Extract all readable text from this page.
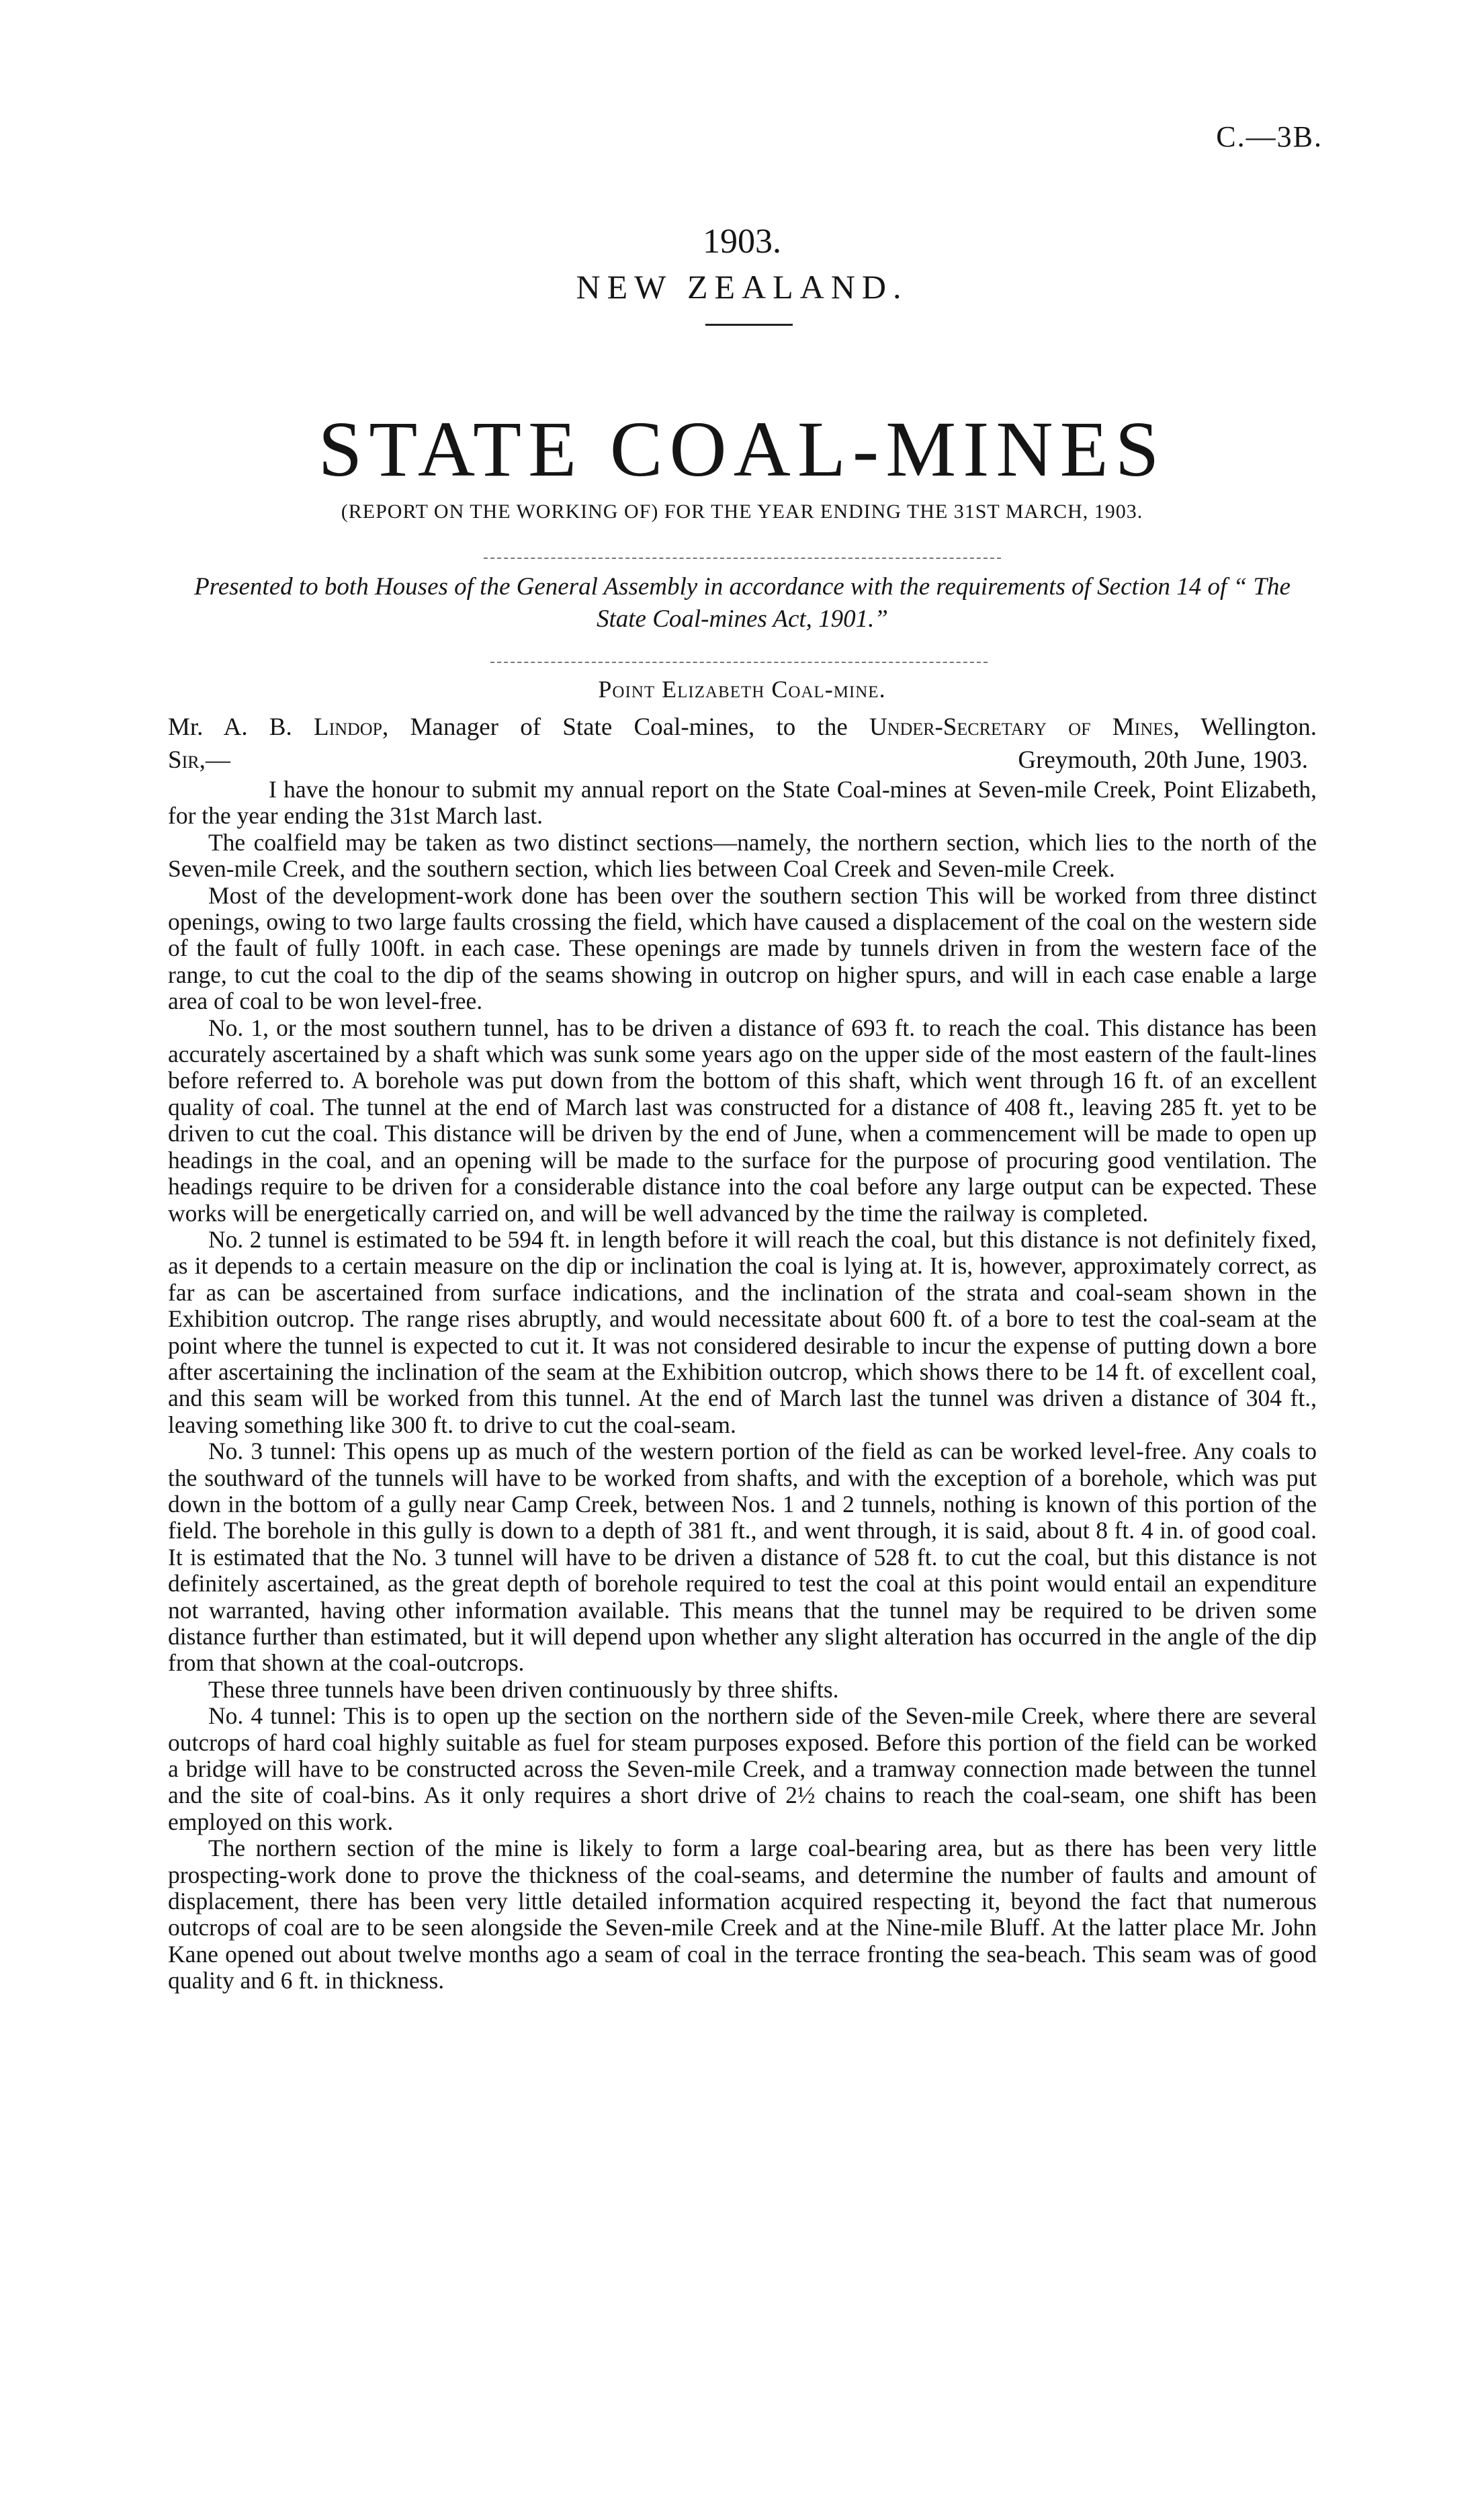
C.—3B.
1903.
NEW ZEALAND.
STATE COAL-MINES
(REPORT ON THE WORKING OF) FOR THE YEAR ENDING THE 31ST MARCH, 1903.
Presented to both Houses of the General Assembly in accordance with the requirements of Section 14 of “ The State Coal-mines Act, 1901.”
Point Elizabeth Coal-mine.
Mr. A. B. Lindop, Manager of State Coal-mines, to the Under-Secretary of Mines, Wellington.
Sir,—	Greymouth, 20th June, 1903.

I have the honour to submit my annual report on the State Coal-mines at Seven-mile Creek, Point Elizabeth, for the year ending the 31st March last.

The coalfield may be taken as two distinct sections—namely, the northern section, which lies to the north of the Seven-mile Creek, and the southern section, which lies between Coal Creek and Seven-mile Creek.

Most of the development-work done has been over the southern section This will be worked from three distinct openings, owing to two large faults crossing the field, which have caused a displacement of the coal on the western side of the fault of fully 100ft. in each case. These openings are made by tunnels driven in from the western face of the range, to cut the coal to the dip of the seams showing in outcrop on higher spurs, and will in each case enable a large area of coal to be won level-free.

No. 1, or the most southern tunnel, has to be driven a distance of 693 ft. to reach the coal. This distance has been accurately ascertained by a shaft which was sunk some years ago on the upper side of the most eastern of the fault-lines before referred to. A borehole was put down from the bottom of this shaft, which went through 16 ft. of an excellent quality of coal. The tunnel at the end of March last was constructed for a distance of 408 ft., leaving 285 ft. yet to be driven to cut the coal. This distance will be driven by the end of June, when a commencement will be made to open up headings in the coal, and an opening will be made to the surface for the purpose of procuring good ventilation. The headings require to be driven for a considerable distance into the coal before any large output can be expected. These works will be energetically carried on, and will be well advanced by the time the railway is completed.

No. 2 tunnel is estimated to be 594 ft. in length before it will reach the coal, but this distance is not definitely fixed, as it depends to a certain measure on the dip or inclination the coal is lying at. It is, however, approximately correct, as far as can be ascertained from surface indications, and the inclination of the strata and coal-seam shown in the Exhibition outcrop. The range rises abruptly, and would necessitate about 600 ft. of a bore to test the coal-seam at the point where the tunnel is expected to cut it. It was not considered desirable to incur the expense of putting down a bore after ascertaining the inclination of the seam at the Exhibition outcrop, which shows there to be 14 ft. of excellent coal, and this seam will be worked from this tunnel. At the end of March last the tunnel was driven a distance of 304 ft., leaving something like 300 ft. to drive to cut the coal-seam.

No. 3 tunnel: This opens up as much of the western portion of the field as can be worked level-free. Any coals to the southward of the tunnels will have to be worked from shafts, and with the exception of a borehole, which was put down in the bottom of a gully near Camp Creek, between Nos. 1 and 2 tunnels, nothing is known of this portion of the field. The borehole in this gully is down to a depth of 381 ft., and went through, it is said, about 8 ft. 4 in. of good coal. It is estimated that the No. 3 tunnel will have to be driven a distance of 528 ft. to cut the coal, but this distance is not definitely ascertained, as the great depth of borehole required to test the coal at this point would entail an expenditure not warranted, having other information available. This means that the tunnel may be required to be driven some distance further than estimated, but it will depend upon whether any slight alteration has occurred in the angle of the dip from that shown at the coal-outcrops.

These three tunnels have been driven continuously by three shifts.

No. 4 tunnel: This is to open up the section on the northern side of the Seven-mile Creek, where there are several outcrops of hard coal highly suitable as fuel for steam purposes exposed. Before this portion of the field can be worked a bridge will have to be constructed across the Seven-mile Creek, and a tramway connection made between the tunnel and the site of coal-bins. As it only requires a short drive of 2½ chains to reach the coal-seam, one shift has been employed on this work.

The northern section of the mine is likely to form a large coal-bearing area, but as there has been very little prospecting-work done to prove the thickness of the coal-seams, and determine the number of faults and amount of displacement, there has been very little detailed information acquired respecting it, beyond the fact that numerous outcrops of coal are to be seen alongside the Seven-mile Creek and at the Nine-mile Bluff. At the latter place Mr. John Kane opened out about twelve months ago a seam of coal in the terrace fronting the sea-beach. This seam was of good quality and 6 ft. in thickness.
